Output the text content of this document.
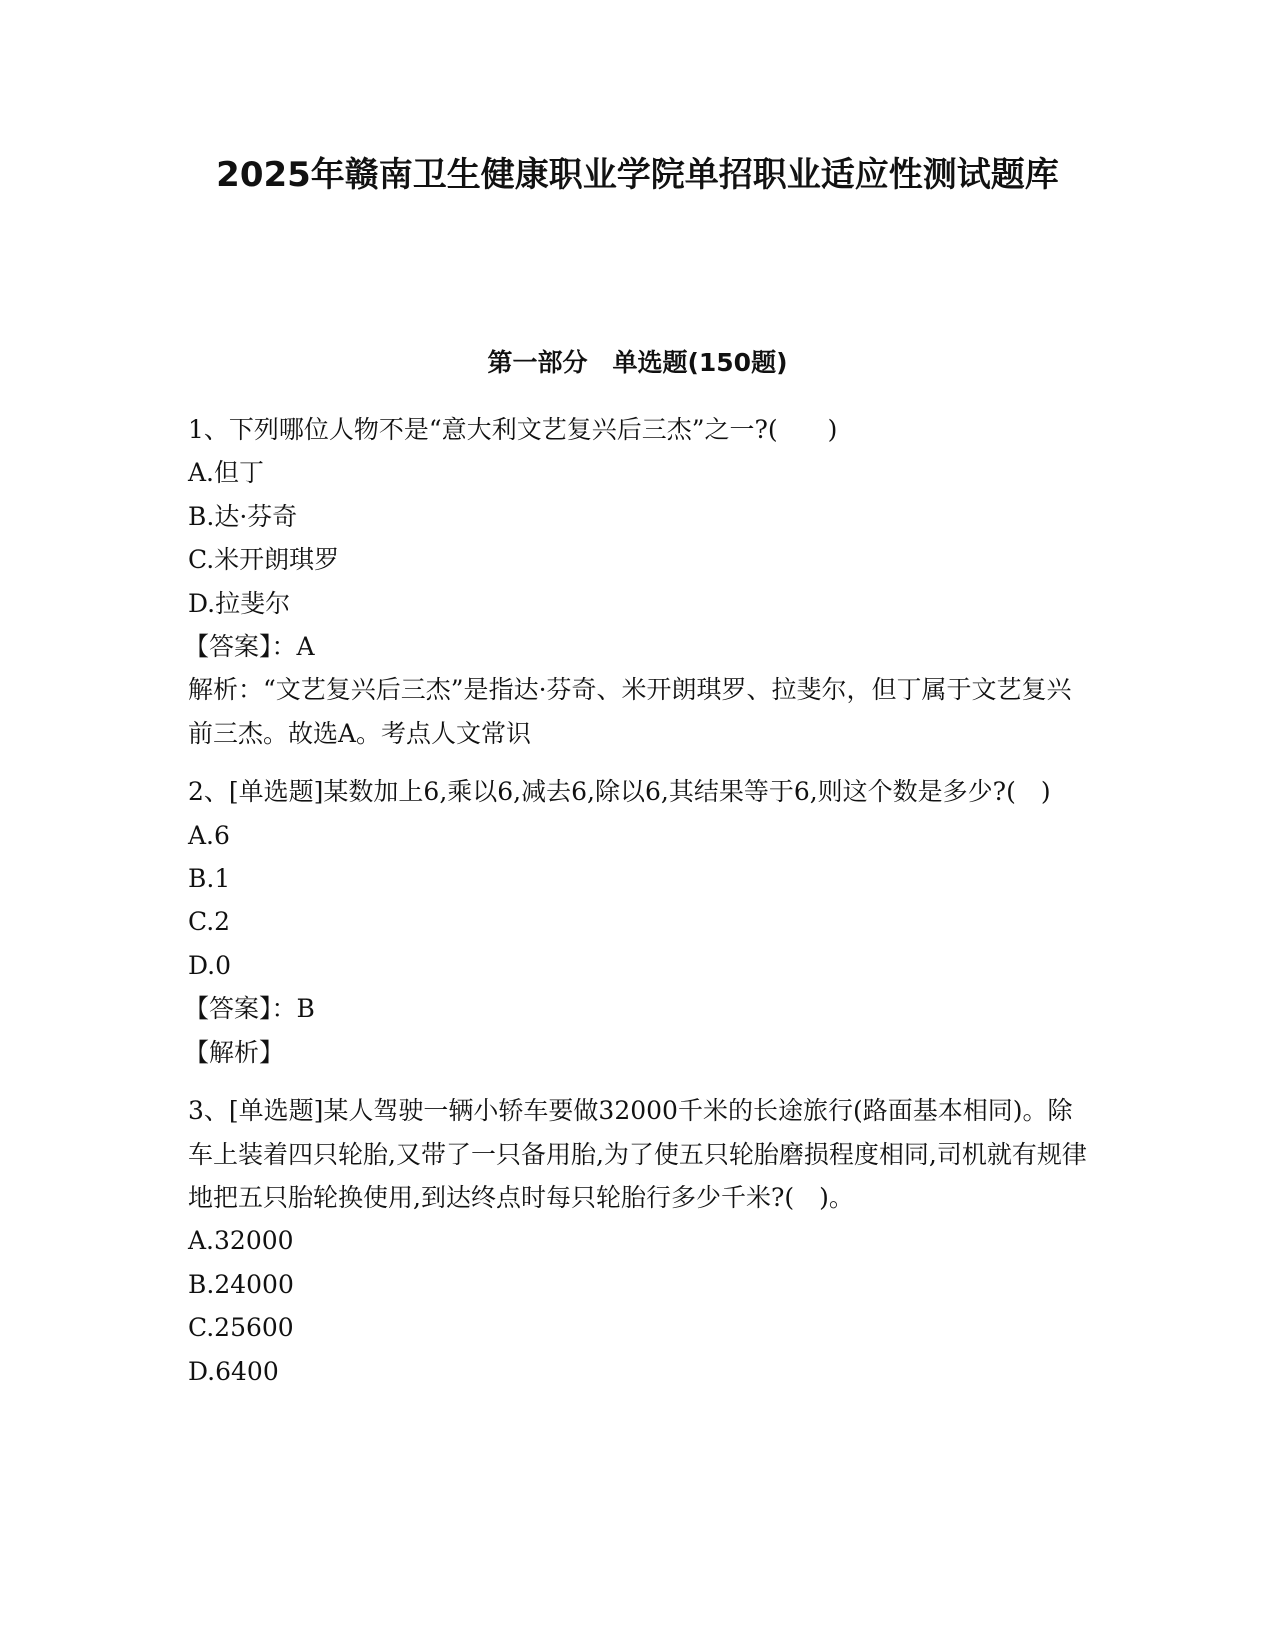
2025年赣南卫生健康职业学院单招职业适应性测试题库
第一部分　单选题(150题)

1、下列哪位人物不是“意大利文艺复兴后三杰”之一?(　　)

A.但丁

B.达·芬奇

C.米开朗琪罗

D.拉斐尔

【答案】：A

解析：“文艺复兴后三杰”是指达·芬奇、米开朗琪罗、拉斐尔，但丁属于文艺复兴前三杰。故选A。考点人文常识

2、[单选题]某数加上6,乘以6,减去6,除以6,其结果等于6,则这个数是多少?(　)

A.6

B.1

C.2

D.0

【答案】：B

【解析】

3、[单选题]某人驾驶一辆小轿车要做32000千米的长途旅行(路面基本相同)。除车上装着四只轮胎,又带了一只备用胎,为了使五只轮胎磨损程度相同,司机就有规律地把五只胎轮换使用,到达终点时每只轮胎行多少千米?(　)。

A.32000

B.24000

C.25600

D.6400
